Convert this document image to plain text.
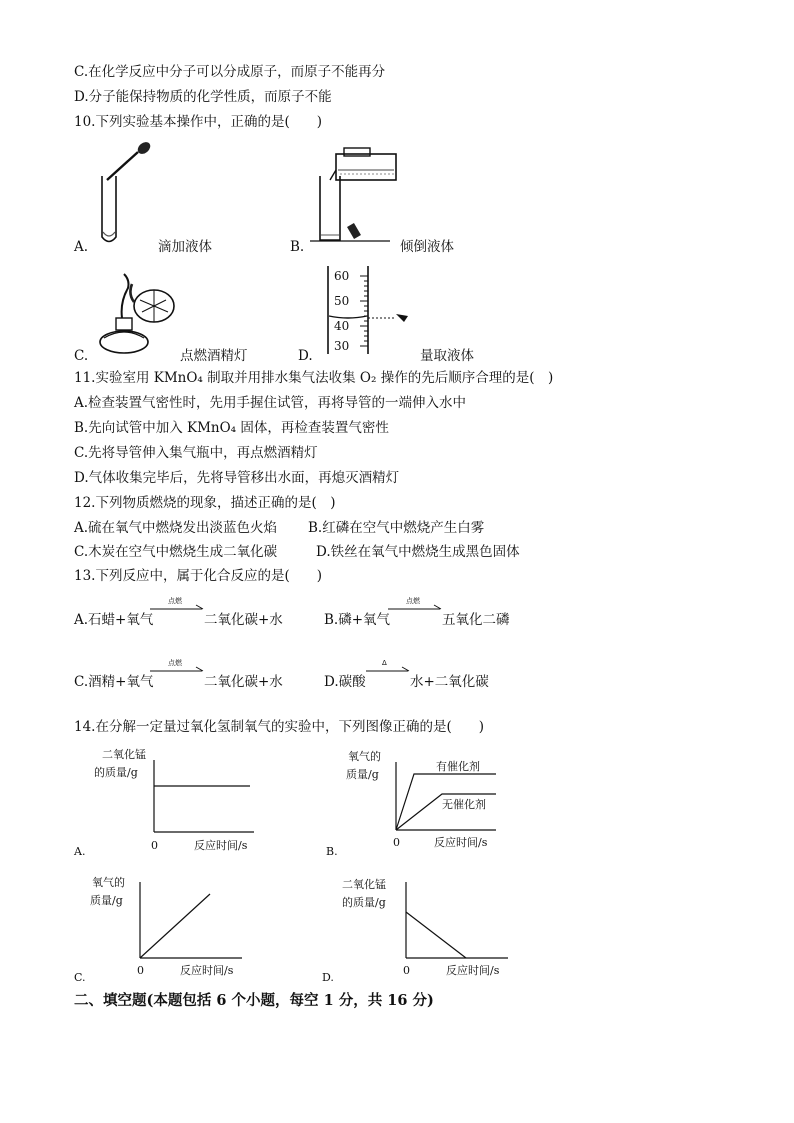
C.在化学反应中分子可以分成原子，而原子不能再分
D.分子能保持物质的化学性质，而原子不能
10.下列实验基本操作中，正确的是(　　)
A.	滴加液体	B.	倾倒液体
C.	点燃酒精灯
60
50
40
30
D.	量取液体
11.实验室用 KMnO₄ 制取并用排水集气法收集 O₂ 操作的先后顺序合理的是(　)
A.检查装置气密性时，先用手握住试管，再将导管的一端伸入水中
B.先向试管中加入 KMnO₄ 固体，再检查装置气密性
C.先将导管伸入集气瓶中，再点燃酒精灯
D.气体收集完毕后，先将导管移出水面，再熄灭酒精灯
12.下列物质燃烧的现象，描述正确的是(　)
A.硫在氧气中燃烧发出淡蓝色火焰 B.红磷在空气中燃烧产生白雾
C.木炭在空气中燃烧生成二氧化碳	D.铁丝在氧气中燃烧生成黑色固体
13.下列反应中，属于化合反应的是(　　)
A.石蜡+氧气
点燃
二氧化碳+水	B.磷+氧气
点燃
五氧化二磷
C.酒精+氧气
点燃
二氧化碳+水	D.碳酸
Δ
水+二氧化碳
14.在分解一定量过氧化氢制氧气的实验中，下列图像正确的是(　　)
二氧化锰
的质量/g
0	反应时间/s
A.
氧气的
质量/g
有催化剂
无催化剂
0	反应时间/s
B.
氧气的
质量/g
0	反应时间/s
C.
二氧化锰
的质量/g
0	反应时间/s
D.
二、填空题(本题包括 6 个小题，每空 1 分，共 16 分)
